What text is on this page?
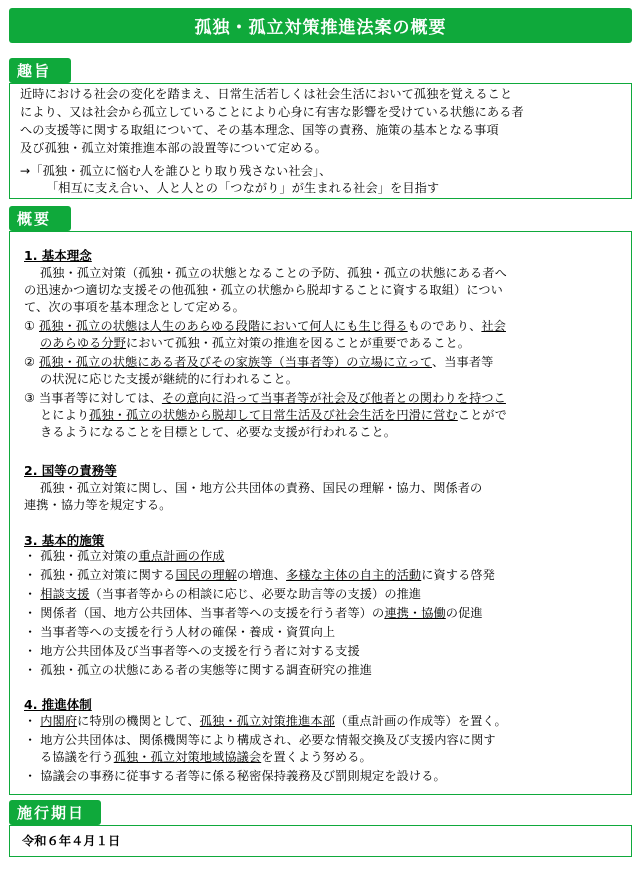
孤独・孤立対策推進法案の概要
趣旨
近時における社会の変化を踏まえ、日常生活若しくは社会生活において孤独を覚えること
により、又は社会から孤立していることにより心身に有害な影響を受けている状態にある者
への支援等に関する取組について、その基本理念、国等の責務、施策の基本となる事項
及び孤独・孤立対策推進本部の設置等について定める。
→「孤独・孤立に悩む人を誰ひとり取り残さない社会」、
「相互に支え合い、人と人との「つながり」が生まれる社会」を目指す
概要
1. 基本理念
孤独・孤立対策（孤独・孤立の状態となることの予防、孤独・孤立の状態にある者へ
の迅速かつ適切な支援その他孤独・孤立の状態から脱却することに資する取組）につい
て、次の事項を基本理念として定める。
① 孤独・孤立の状態は人生のあらゆる段階において何人にも生じ得るものであり、社会
のあらゆる分野において孤独・孤立対策の推進を図ることが重要であること。
② 孤独・孤立の状態にある者及びその家族等（当事者等）の立場に立って、当事者等
の状況に応じた支援が継続的に行われること。
③ 当事者等に対しては、その意向に沿って当事者等が社会及び他者との関わりを持つこ
とにより孤独・孤立の状態から脱却して日常生活及び社会生活を円滑に営むことがで
きるようになることを目標として、必要な支援が行われること。
2. 国等の責務等
孤独・孤立対策に関し、国・地方公共団体の責務、国民の理解・協力、関係者の
連携・協力等を規定する。
3. 基本的施策
・ 孤独・孤立対策の重点計画の作成
・ 孤独・孤立対策に関する国民の理解の増進、多様な主体の自主的活動に資する啓発
・ 相談支援（当事者等からの相談に応じ、必要な助言等の支援）の推進
・ 関係者（国、地方公共団体、当事者等への支援を行う者等）の連携・協働の促進
・ 当事者等への支援を行う人材の確保・養成・資質向上
・ 地方公共団体及び当事者等への支援を行う者に対する支援
・ 孤独・孤立の状態にある者の実態等に関する調査研究の推進
4. 推進体制
・ 内閣府に特別の機関として、孤独・孤立対策推進本部（重点計画の作成等）を置く。
・ 地方公共団体は、関係機関等により構成され、必要な情報交換及び支援内容に関す
る協議を行う孤独・孤立対策地域協議会を置くよう努める。
・ 協議会の事務に従事する者等に係る秘密保持義務及び罰則規定を設ける。
施行期日
令和６年４月１日
